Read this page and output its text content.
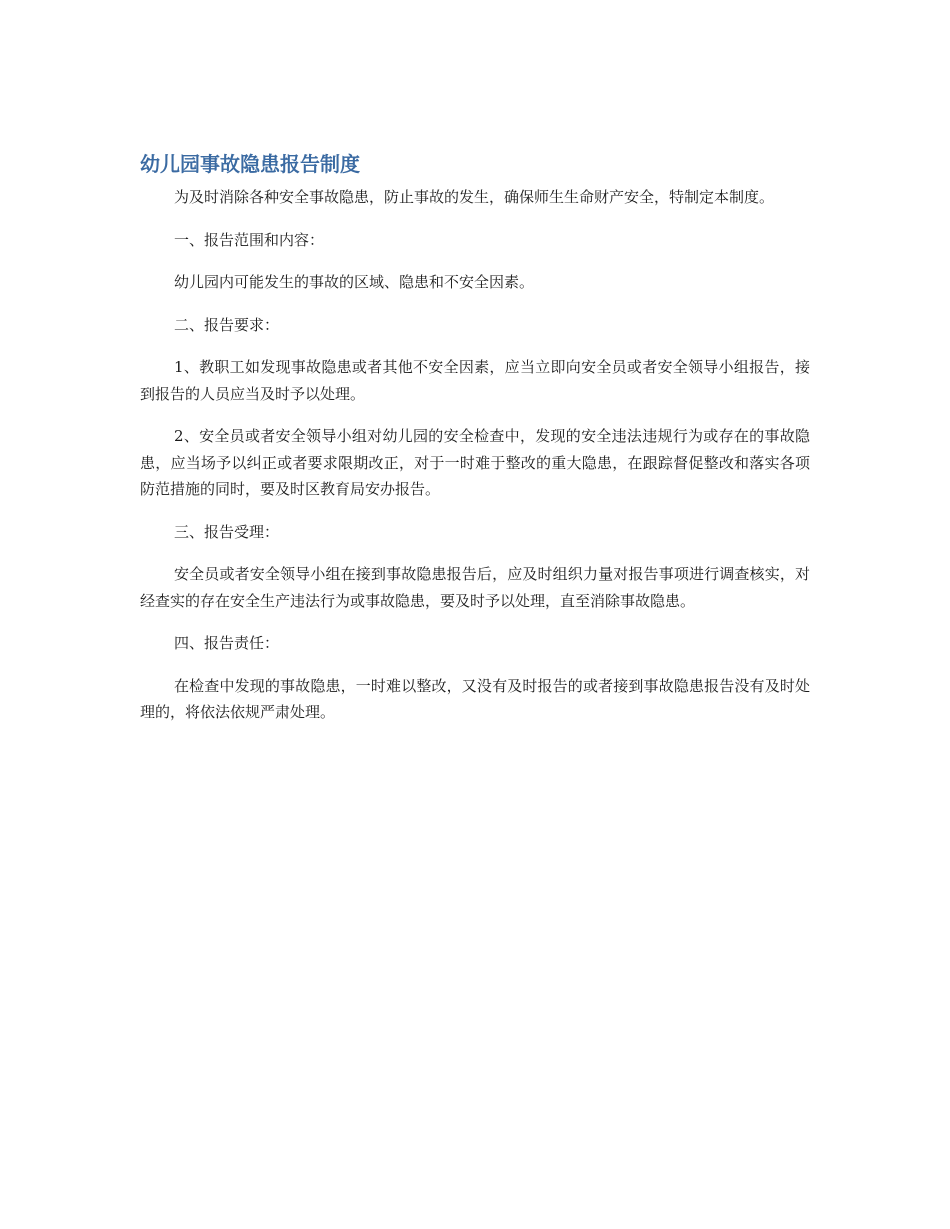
幼儿园事故隐患报告制度

为及时消除各种安全事故隐患，防止事故的发生，确保师生生命财产安全，特制定本制度。

一、报告范围和内容：

幼儿园内可能发生的事故的区域、隐患和不安全因素。

二、报告要求：

1、教职工如发现事故隐患或者其他不安全因素，应当立即向安全员或者安全领导小组报告，接到报告的人员应当及时予以处理。

2、安全员或者安全领导小组对幼儿园的安全检查中，发现的安全违法违规行为或存在的事故隐患，应当场予以纠正或者要求限期改正，对于一时难于整改的重大隐患，在跟踪督促整改和落实各项防范措施的同时，要及时区教育局安办报告。

三、报告受理：

安全员或者安全领导小组在接到事故隐患报告后，应及时组织力量对报告事项进行调查核实，对经查实的存在安全生产违法行为或事故隐患，要及时予以处理，直至消除事故隐患。

四、报告责任：

在检查中发现的事故隐患，一时难以整改，又没有及时报告的或者接到事故隐患报告没有及时处理的，将依法依规严肃处理。
